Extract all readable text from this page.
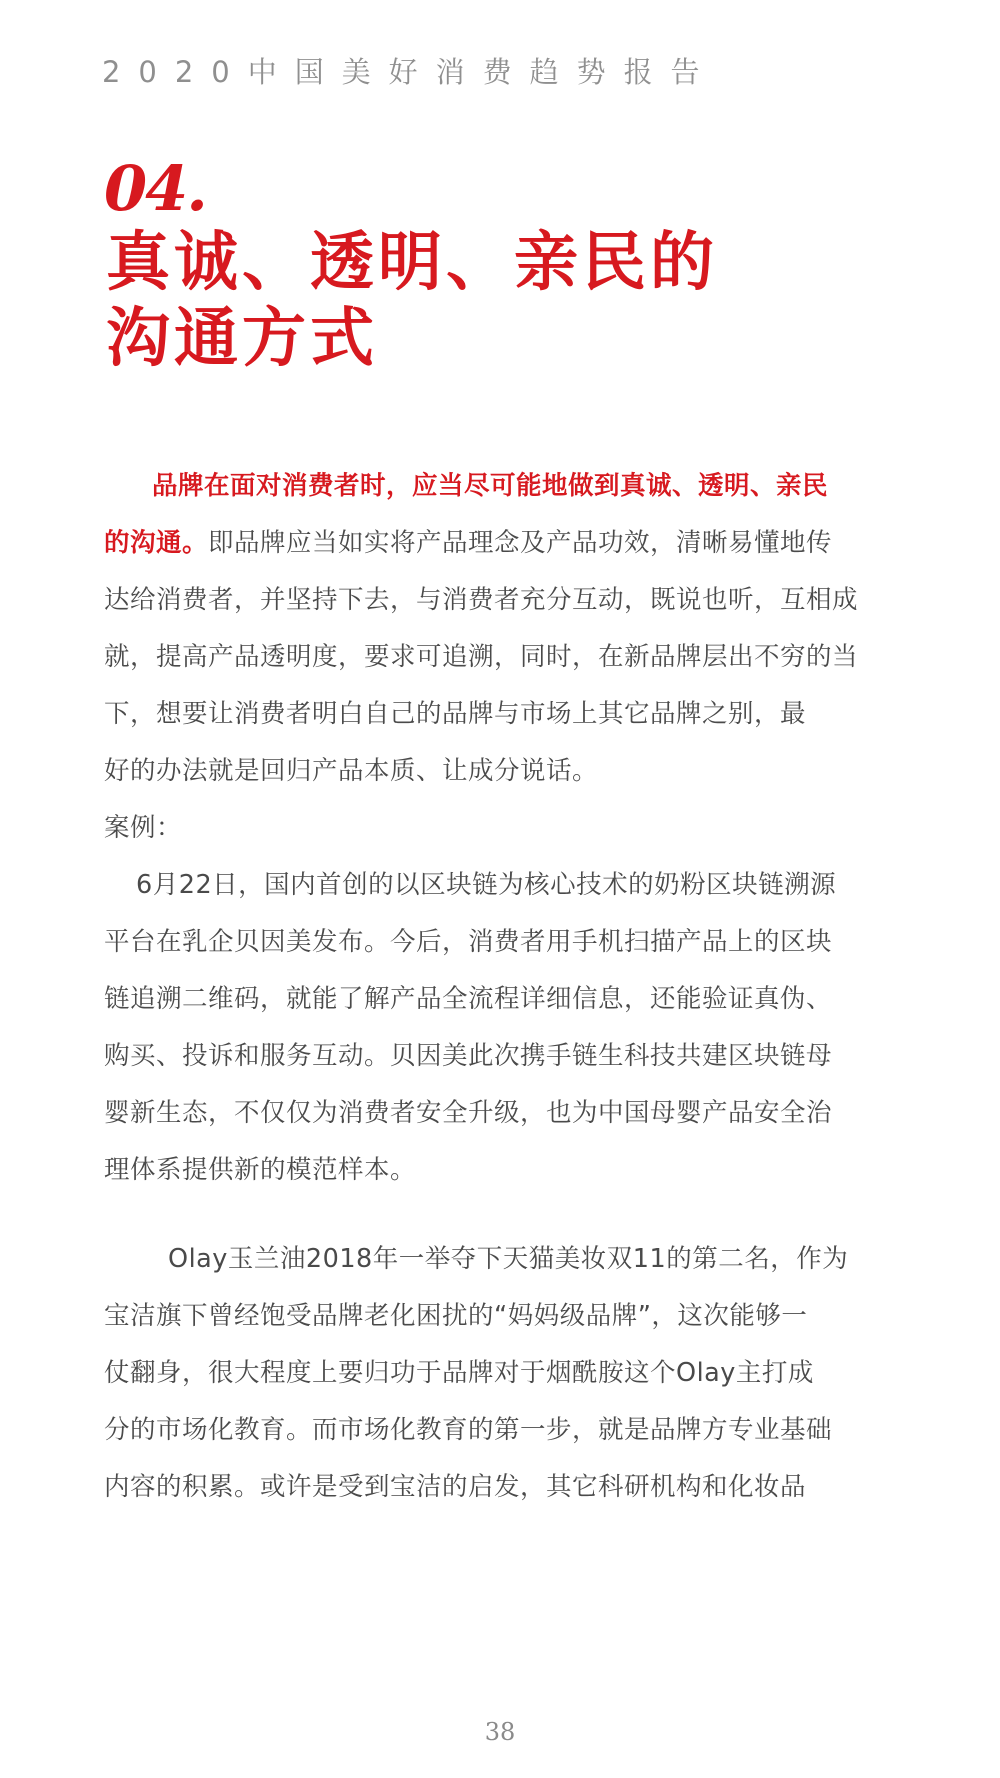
2020中国美好消费趋势报告
04.
真诚、透明、亲民的
沟通方式
品牌在面对消费者时，应当尽可能地做到真诚、透明、亲民
的沟通。即品牌应当如实将产品理念及产品功效，清晰易懂地传
达给消费者，并坚持下去，与消费者充分互动，既说也听，互相成
就，提高产品透明度，要求可追溯，同时，在新品牌层出不穷的当
下，想要让消费者明白自己的品牌与市场上其它品牌之别，最
好的办法就是回归产品本质、让成分说话。
案例：
6月22日，国内首创的以区块链为核心技术的奶粉区块链溯源
平台在乳企贝因美发布。今后，消费者用手机扫描产品上的区块
链追溯二维码，就能了解产品全流程详细信息，还能验证真伪、
购买、投诉和服务互动。贝因美此次携手链生科技共建区块链母
婴新生态，不仅仅为消费者安全升级，也为中国母婴产品安全治
理体系提供新的模范样本。
Olay玉兰油2018年一举夺下天猫美妆双11的第二名，作为
宝洁旗下曾经饱受品牌老化困扰的“妈妈级品牌”，这次能够一
仗翻身，很大程度上要归功于品牌对于烟酰胺这个Olay主打成
分的市场化教育。而市场化教育的第一步，就是品牌方专业基础
内容的积累。或许是受到宝洁的启发，其它科研机构和化妆品
38
